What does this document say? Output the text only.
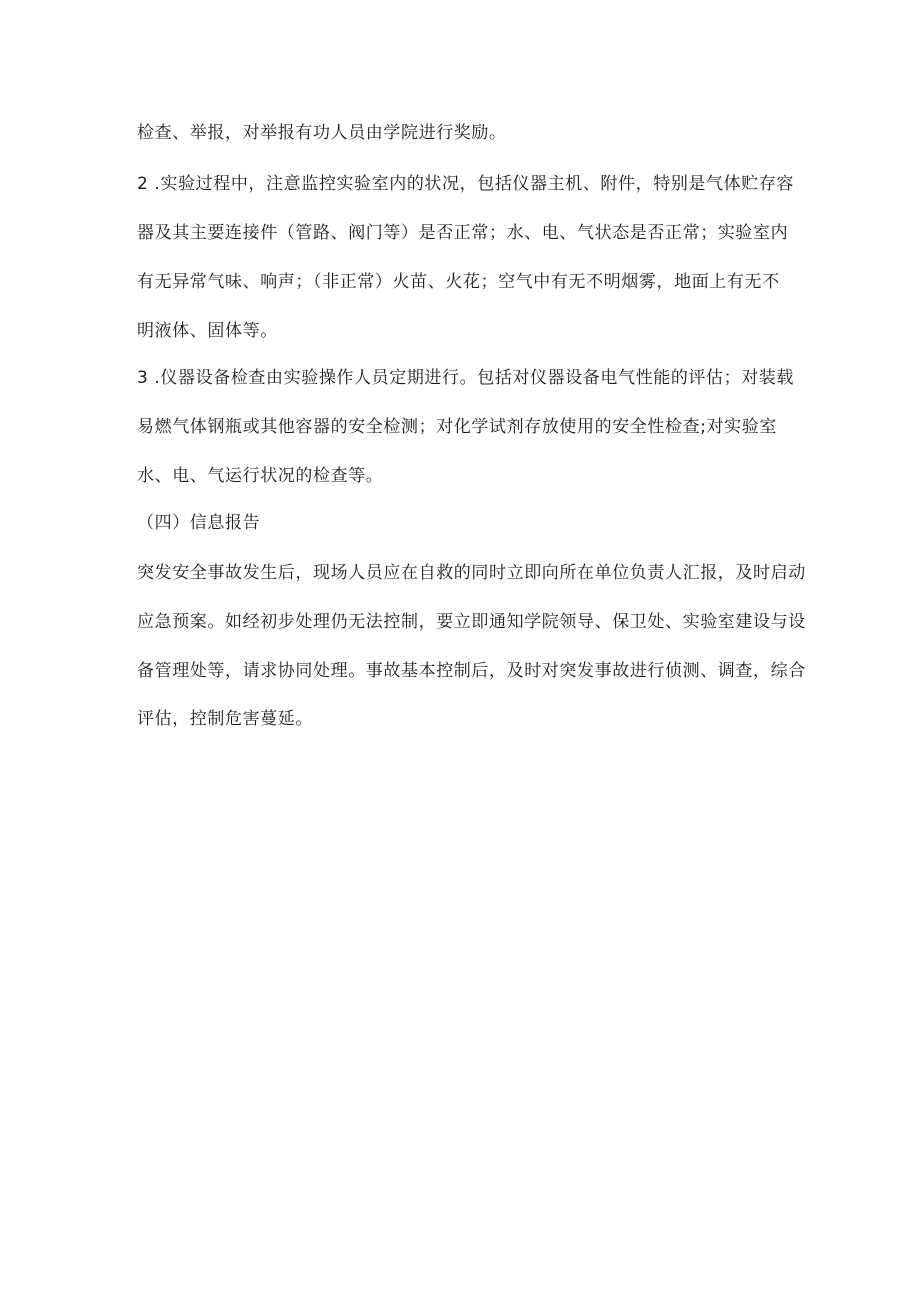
检查、举报，对举报有功人员由学院进行奖励。
2 .实验过程中，注意监控实验室内的状况，包括仪器主机、附件，特别是气体贮存容
器及其主要连接件（管路、阀门等）是否正常；水、电、气状态是否正常；实验室内
有无异常气味、响声；（非正常）火苗、火花；空气中有无不明烟雾，地面上有无不
明液体、固体等。
3 .仪器设备检查由实验操作人员定期进行。包括对仪器设备电气性能的评估；对装载
易燃气体钢瓶或其他容器的安全检测；对化学试剂存放使用的安全性检查;对实验室
水、电、气运行状况的检查等。
（四）信息报告
突发安全事故发生后，现场人员应在自救的同时立即向所在单位负责人汇报，及时启动
应急预案。如经初步处理仍无法控制，要立即通知学院领导、保卫处、实验室建设与设
备管理处等，请求协同处理。事故基本控制后，及时对突发事故进行侦测、调查，综合
评估，控制危害蔓延。
